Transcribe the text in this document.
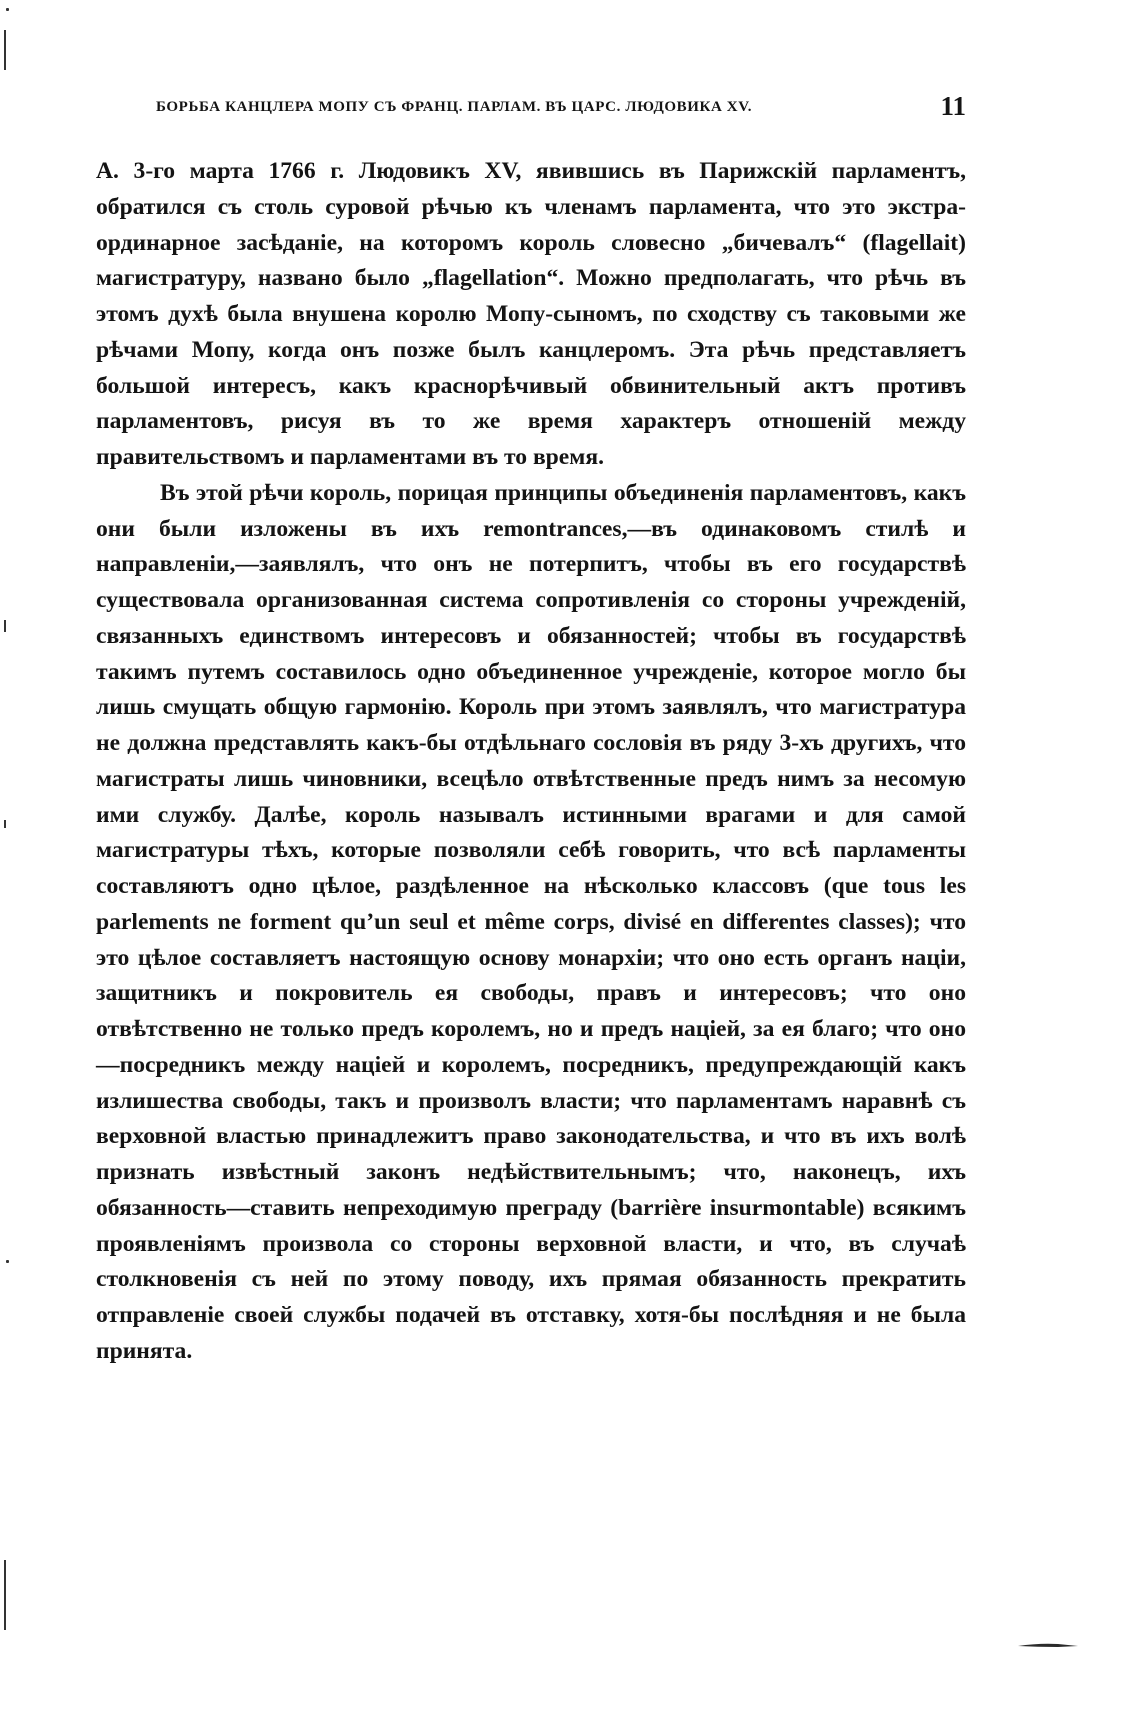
БОРЬБА КАНЦЛЕРА МОПУ СЪ ФРАНЦ. ПАРЛАМ. ВЪ ЦАРС. ЛЮДОВИКА XV.	11

А. 3-го марта 1766 г. Людовикъ XV, явившись въ Парижскій парламентъ, обратился съ столь суровой рѣчью къ членамъ парламента, что это экстра-ординарное засѣданіе, на которомъ король словесно „бичевалъ“ (flagellait) магистратуру, названо было „flagellation“. Можно предполагать, что рѣчь въ этомъ духѣ была внушена королю Мопу-сыномъ, по сходству съ таковыми же рѣчами Мопу, когда онъ позже былъ канцлеромъ. Эта рѣчь представляетъ большой интересъ, какъ краснорѣчивый обвинительный актъ противъ парламентовъ, рисуя въ то же время характеръ отношеній между правительствомъ и парламентами въ то время.

Въ этой рѣчи король, порицая принципы объединенія парламентовъ, какъ они были изложены въ ихъ remontrances,—въ одинаковомъ стилѣ и направленіи,—заявлялъ, что онъ не потерпитъ, чтобы въ его государствѣ существовала организованная система сопротивленія со стороны учрежденій, связанныхъ единствомъ интересовъ и обязанностей; чтобы въ государствѣ такимъ путемъ составилось одно объединенное учрежденіе, которое могло бы лишь смущать общую гармонію. Король при этомъ заявлялъ, что магистратура не должна представлять какъ-бы отдѣльнаго сословія въ ряду 3-хъ другихъ, что магистраты лишь чиновники, всецѣло отвѣтственные предъ нимъ за несомую ими службу. Далѣе, король называлъ истинными врагами и для самой магистратуры тѣхъ, которые позволяли себѣ говорить, что всѣ парламенты составляютъ одно цѣлое, раздѣленное на нѣсколько классовъ (que tous les parlements ne forment qu’un seul et même corps, divisé en differentes classes); что это цѣлое составляетъ настоящую основу монархіи; что оно есть органъ націи, защитникъ и покровитель ея свободы, правъ и интересовъ; что оно отвѣтственно не только предъ королемъ, но и предъ націей, за ея благо; что оно—посредникъ между націей и королемъ, посредникъ, предупреждающій какъ излишества свободы, такъ и произволъ власти; что парламентамъ наравнѣ съ верховной властью принадлежитъ право законодательства, и что въ ихъ волѣ признать извѣстный законъ недѣйствительнымъ; что, наконецъ, ихъ обязанность—ставить непреходимую преграду (barrière insurmontable) всякимъ проявленіямъ произвола со стороны верховной власти, и что, въ случаѣ столкновенія съ ней по этому поводу, ихъ прямая обязанность прекратить отправленіе своей службы подачей въ отставку, хотя-бы послѣдняя и не была принята.
